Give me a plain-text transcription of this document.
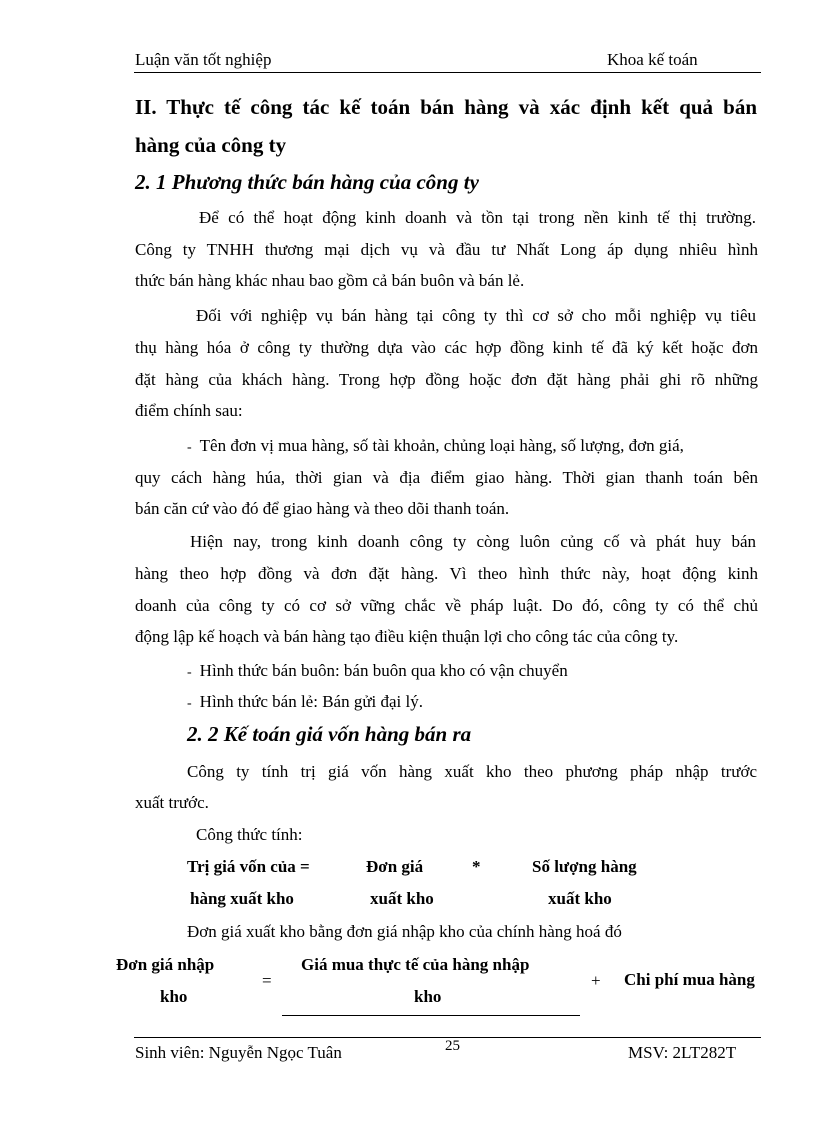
Luận văn tốt nghiệp	Khoa kế toán
II. Thực tế công tác kế toán bán hàng và xác định kết quả bán
hàng của công ty
2. 1 Phương thức bán hàng của công ty
Để có thể hoạt động kinh doanh và tồn tại trong nền kinh tế thị trường.
Công ty TNHH thương mại dịch vụ và đầu tư Nhất Long áp dụng nhiêu hình
thức bán hàng khác nhau bao gồm cả bán buôn và bán lẻ.
Đối với nghiệp vụ bán hàng tại công ty thì cơ sở cho mỗi nghiệp vụ tiêu
thụ hàng hóa ở công ty thường dựa vào các hợp đồng kinh tế đã ký kết hoặc đơn
đặt hàng của khách hàng. Trong hợp đồng hoặc đơn đặt hàng phải ghi rõ những
điểm chính sau:
- Tên đơn vị mua hàng, số tài khoản, chủng loại hàng, số lượng, đơn giá,
quy cách hàng húa, thời gian và địa điểm giao hàng. Thời gian thanh toán bên
bán căn cứ vào đó để giao hàng và theo dõi thanh toán.
Hiện nay, trong kinh doanh công ty còng luôn củng cố và phát huy bán
hàng theo hợp đồng và đơn đặt hàng. Vì theo hình thức này, hoạt động kinh
doanh của công ty có cơ sở vững chắc về pháp luật. Do đó, công ty có thể chủ
động lập kế hoạch và bán hàng tạo điều kiện thuận lợi cho công tác của công ty.
- Hình thức bán buôn: bán buôn qua kho có vận chuyển
- Hình thức bán lẻ: Bán gửi đại lý.
2. 2 Kế toán giá vốn hàng bán ra
Công ty tính trị giá vốn hàng xuất kho theo phương pháp nhập trước
xuất trước.
Công thức tính:
Trị giá vốn của =
hàng xuất kho
Đơn giá
xuất kho
*	Số lượng hàng
xuất kho
Đơn giá xuất kho bằng đơn giá nhập kho của chính hàng hoá đó
Đơn giá nhập
kho
=
Giá mua thực tế của hàng nhập
kho
+ Chi phí mua hàng
Sinh viên: Nguyễn Ngọc Tuân	25	MSV: 2LT282T
